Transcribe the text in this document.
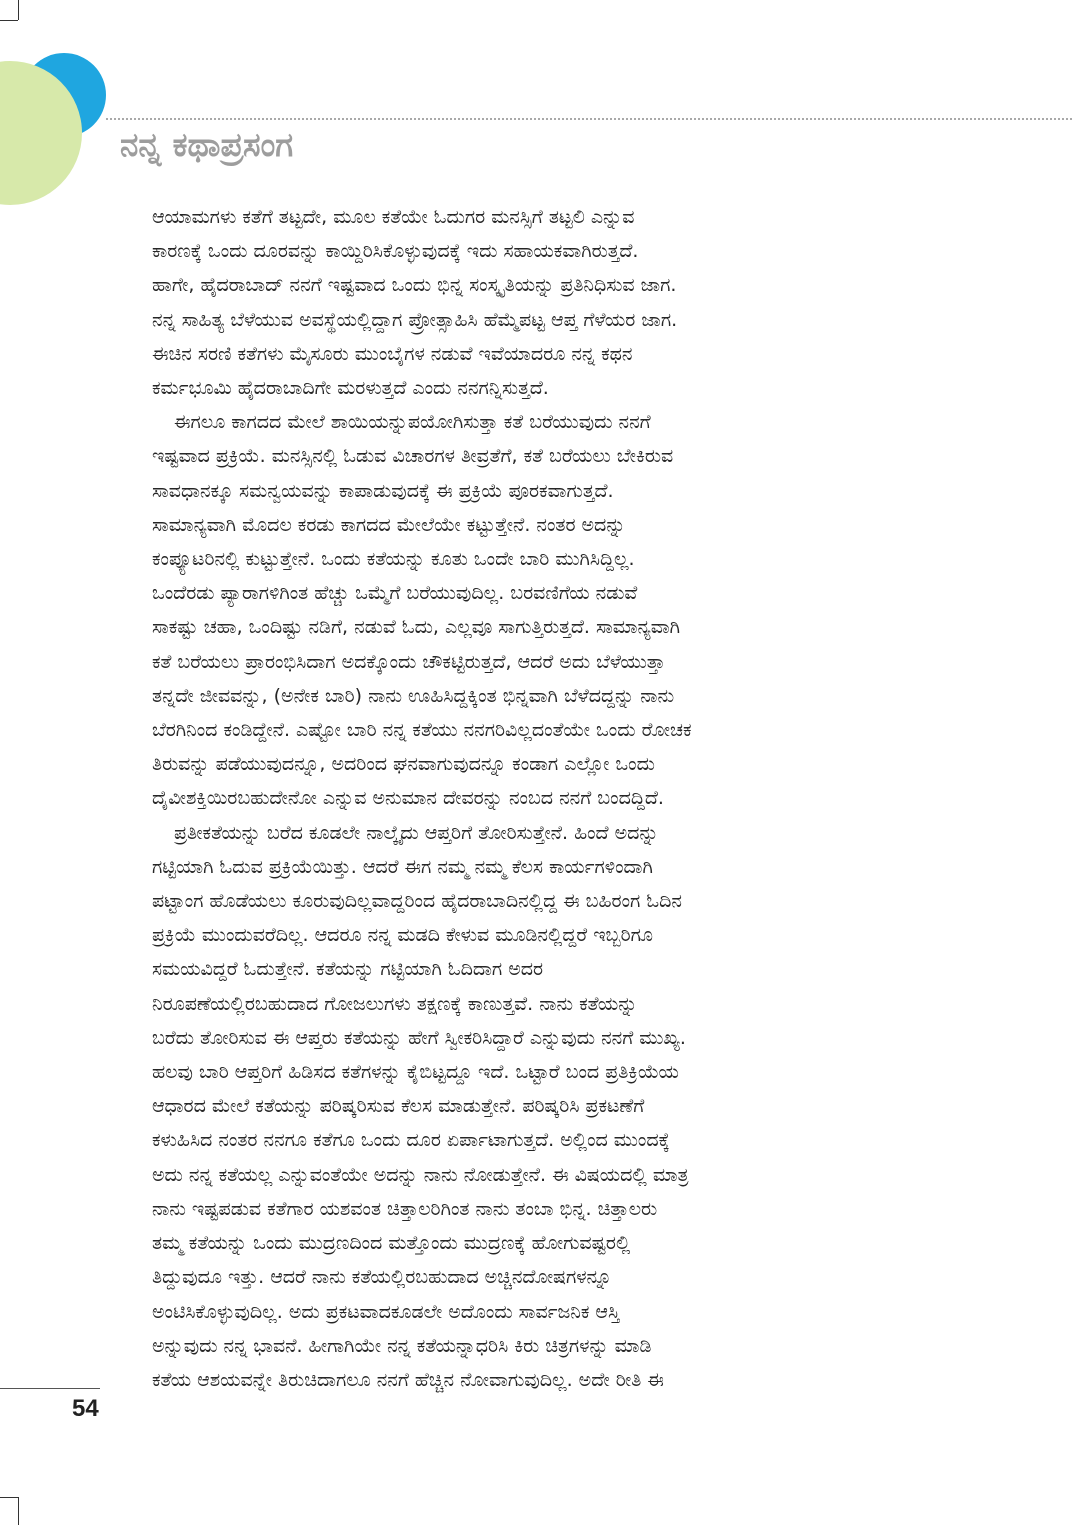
ನನ್ನ ಕಥಾಪ್ರಸಂಗ
ಆಯಾಮಗಳು ಕತೆಗೆ ತಟ್ಟದೇ, ಮೂಲ ಕತೆಯೇ ಓದುಗರ ಮನಸ್ಸಿಗೆ ತಟ್ಟಲಿ ಎನ್ನುವ
ಕಾರಣಕ್ಕೆ ಒಂದು ದೂರವನ್ನು ಕಾಯ್ದಿರಿಸಿಕೊಳ್ಳುವುದಕ್ಕೆ ಇದು ಸಹಾಯಕವಾಗಿರುತ್ತದೆ.
ಹಾಗೇ, ಹೈದರಾಬಾದ್ ನನಗೆ ಇಷ್ಟವಾದ ಒಂದು ಭಿನ್ನ ಸಂಸ್ಕೃತಿಯನ್ನು ಪ್ರತಿನಿಧಿಸುವ ಜಾಗ.
ನನ್ನ ಸಾಹಿತ್ಯ ಬೆಳೆಯುವ ಅವಸ್ಥೆಯಲ್ಲಿದ್ದಾಗ ಪ್ರೋತ್ಸಾಹಿಸಿ ಹೆಮ್ಮೆಪಟ್ಟ ಆಪ್ತ ಗೆಳೆಯರ ಜಾಗ.
ಈಚಿನ ಸರಣಿ ಕತೆಗಳು ಮೈಸೂರು ಮುಂಬೈಗಳ ನಡುವೆ ಇವೆಯಾದರೂ ನನ್ನ ಕಥನ
ಕರ್ಮಭೂಮಿ ಹೈದರಾಬಾದಿಗೇ ಮರಳುತ್ತದೆ ಎಂದು ನನಗನ್ನಿಸುತ್ತದೆ.
ಈಗಲೂ ಕಾಗದದ ಮೇಲೆ ಶಾಯಿಯನ್ನುಪಯೋಗಿಸುತ್ತಾ ಕತೆ ಬರೆಯುವುದು ನನಗೆ
ಇಷ್ಟವಾದ ಪ್ರಕ್ರಿಯೆ. ಮನಸ್ಸಿನಲ್ಲಿ ಓಡುವ ವಿಚಾರಗಳ ತೀವ್ರತೆಗೆ, ಕತೆ ಬರೆಯಲು ಬೇಕಿರುವ
ಸಾವಧಾನಕ್ಕೂ ಸಮನ್ವಯವನ್ನು ಕಾಪಾಡುವುದಕ್ಕೆ ಈ ಪ್ರಕ್ರಿಯೆ ಪೂರಕವಾಗುತ್ತದೆ.
ಸಾಮಾನ್ಯವಾಗಿ ಮೊದಲ ಕರಡು ಕಾಗದದ ಮೇಲೆಯೇ ಕಟ್ಟುತ್ತೇನೆ. ನಂತರ ಅದನ್ನು
ಕಂಪ್ಯೂಟರಿನಲ್ಲಿ ಕುಟ್ಟುತ್ತೇನೆ. ಒಂದು ಕತೆಯನ್ನು ಕೂತು ಒಂದೇ ಬಾರಿ ಮುಗಿಸಿದ್ದಿಲ್ಲ.
ಒಂದೆರಡು ಪ್ಯಾರಾಗಳಿಗಿಂತ ಹೆಚ್ಚು ಒಮ್ಮೆಗೆ ಬರೆಯುವುದಿಲ್ಲ. ಬರವಣಿಗೆಯ ನಡುವೆ
ಸಾಕಷ್ಟು ಚಹಾ, ಒಂದಿಷ್ಟು ನಡಿಗೆ, ನಡುವೆ ಓದು, ಎಲ್ಲವೂ ಸಾಗುತ್ತಿರುತ್ತದೆ. ಸಾಮಾನ್ಯವಾಗಿ
ಕತೆ ಬರೆಯಲು ಪ್ರಾರಂಭಿಸಿದಾಗ ಅದಕ್ಕೊಂದು ಚೌಕಟ್ಟಿರುತ್ತದೆ, ಆದರೆ ಅದು ಬೆಳೆಯುತ್ತಾ
ತನ್ನದೇ ಜೀವವನ್ನು, (ಅನೇಕ ಬಾರಿ) ನಾನು ಊಹಿಸಿದ್ದಕ್ಕಿಂತ ಭಿನ್ನವಾಗಿ ಬೆಳೆದದ್ದನ್ನು ನಾನು
ಬೆರಗಿನಿಂದ ಕಂಡಿದ್ದೇನೆ. ಎಷ್ಟೋ ಬಾರಿ ನನ್ನ ಕತೆಯು ನನಗರಿವಿಲ್ಲದಂತೆಯೇ ಒಂದು ರೋಚಕ
ತಿರುವನ್ನು ಪಡೆಯುವುದನ್ನೂ, ಅದರಿಂದ ಘನವಾಗುವುದನ್ನೂ ಕಂಡಾಗ ಎಲ್ಲೋ ಒಂದು
ದೈವೀಶಕ್ತಿಯಿರಬಹುದೇನೋ ಎನ್ನುವ ಅನುಮಾನ ದೇವರನ್ನು ನಂಬದ ನನಗೆ ಬಂದದ್ದಿದೆ.
ಪ್ರತೀಕತೆಯನ್ನು ಬರೆದ ಕೂಡಲೇ ನಾಲ್ಕೈದು ಆಪ್ತರಿಗೆ ತೋರಿಸುತ್ತೇನೆ. ಹಿಂದೆ ಅದನ್ನು
ಗಟ್ಟಿಯಾಗಿ ಓದುವ ಪ್ರಕ್ರಿಯೆಯಿತ್ತು. ಆದರೆ ಈಗ ನಮ್ಮ ನಮ್ಮ ಕೆಲಸ ಕಾರ್ಯಗಳಿಂದಾಗಿ
ಪಟ್ಟಾಂಗ ಹೊಡೆಯಲು ಕೂರುವುದಿಲ್ಲವಾದ್ದರಿಂದ ಹೈದರಾಬಾದಿನಲ್ಲಿದ್ದ ಈ ಬಹಿರಂಗ ಓದಿನ
ಪ್ರಕ್ರಿಯೆ ಮುಂದುವರೆದಿಲ್ಲ. ಆದರೂ ನನ್ನ ಮಡದಿ ಕೇಳುವ ಮೂಡಿನಲ್ಲಿದ್ದರೆ ಇಬ್ಬರಿಗೂ
ಸಮಯವಿದ್ದರೆ ಓದುತ್ತೇನೆ. ಕತೆಯನ್ನು ಗಟ್ಟಿಯಾಗಿ ಓದಿದಾಗ ಅದರ
ನಿರೂಪಣೆಯಲ್ಲಿರಬಹುದಾದ ಗೋಜಲುಗಳು ತಕ್ಷಣಕ್ಕೆ ಕಾಣುತ್ತವೆ. ನಾನು ಕತೆಯನ್ನು
ಬರೆದು ತೋರಿಸುವ ಈ ಆಪ್ತರು ಕತೆಯನ್ನು ಹೇಗೆ ಸ್ವೀಕರಿಸಿದ್ದಾರೆ ಎನ್ನುವುದು ನನಗೆ ಮುಖ್ಯ.
ಹಲವು ಬಾರಿ ಆಪ್ತರಿಗೆ ಹಿಡಿಸದ ಕತೆಗಳನ್ನು ಕೈಬಿಟ್ಟದ್ದೂ ಇದೆ. ಒಟ್ಟಾರೆ ಬಂದ ಪ್ರತಿಕ್ರಿಯೆಯ
ಆಧಾರದ ಮೇಲೆ ಕತೆಯನ್ನು ಪರಿಷ್ಕರಿಸುವ ಕೆಲಸ ಮಾಡುತ್ತೇನೆ. ಪರಿಷ್ಕರಿಸಿ ಪ್ರಕಟಣೆಗೆ
ಕಳುಹಿಸಿದ ನಂತರ ನನಗೂ ಕತೆಗೂ ಒಂದು ದೂರ ಏರ್ಪಾಟಾಗುತ್ತದೆ. ಅಲ್ಲಿಂದ ಮುಂದಕ್ಕೆ
ಅದು ನನ್ನ ಕತೆಯಲ್ಲ ಎನ್ನುವಂತೆಯೇ ಅದನ್ನು ನಾನು ನೋಡುತ್ತೇನೆ. ಈ ವಿಷಯದಲ್ಲಿ ಮಾತ್ರ
ನಾನು ಇಷ್ಟಪಡುವ ಕತೆಗಾರ ಯಶವಂತ ಚಿತ್ತಾಲರಿಗಿಂತ ನಾನು ತಂಬಾ ಭಿನ್ನ. ಚಿತ್ತಾಲರು
ತಮ್ಮ ಕತೆಯನ್ನು ಒಂದು ಮುದ್ರಣದಿಂದ ಮತ್ತೊಂದು ಮುದ್ರಣಕ್ಕೆ ಹೋಗುವಷ್ಟರಲ್ಲಿ
ತಿದ್ದುವುದೂ ಇತ್ತು. ಆದರೆ ನಾನು ಕತೆಯಲ್ಲಿರಬಹುದಾದ ಅಚ್ಚಿನದೋಷಗಳನ್ನೂ
ಅಂಟಿಸಿಕೊಳ್ಳುವುದಿಲ್ಲ. ಅದು ಪ್ರಕಟವಾದಕೂಡಲೇ ಅದೊಂದು ಸಾರ್ವಜನಿಕ ಆಸ್ತಿ
ಅನ್ನುವುದು ನನ್ನ ಭಾವನೆ. ಹೀಗಾಗಿಯೇ ನನ್ನ ಕತೆಯನ್ನಾಧರಿಸಿ ಕಿರು ಚಿತ್ರಗಳನ್ನು ಮಾಡಿ
ಕತೆಯ ಆಶಯವನ್ನೇ ತಿರುಚಿದಾಗಲೂ ನನಗೆ ಹೆಚ್ಚಿನ ನೋವಾಗುವುದಿಲ್ಲ. ಅದೇ ರೀತಿ ಈ
54
